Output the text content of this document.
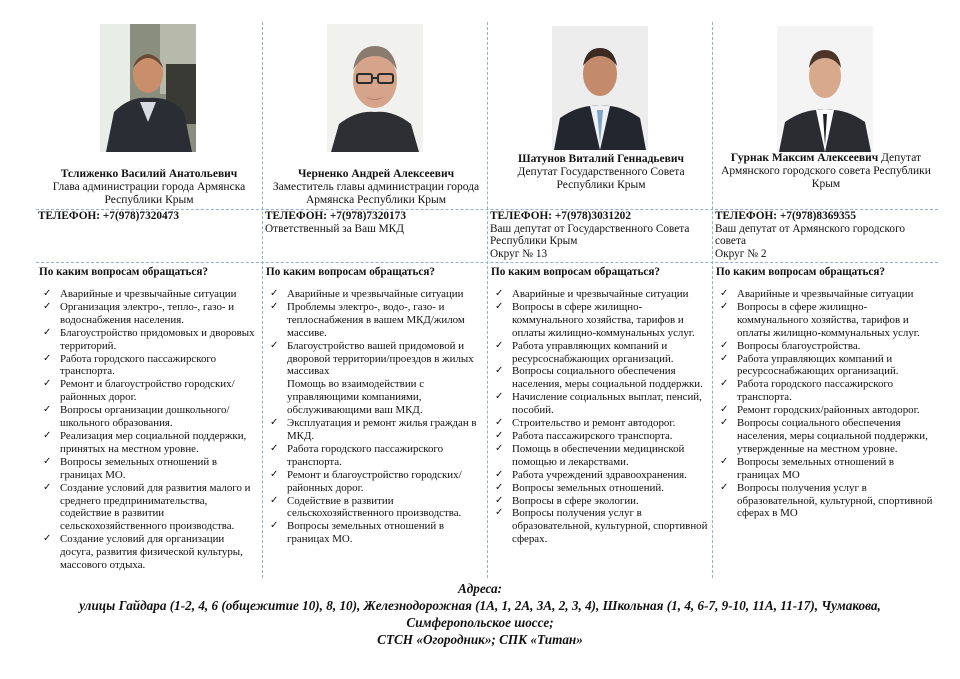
Тслиженко Василий Анатольевич
Глава администрации города Армянска Республики Крым
ТЕЛЕФОН: +7(978)7320473
По каким вопросам обращаться?
✓ Аварийные и чрезвычайные ситуации
✓ Организация электро-, тепло-, газо- и водоснабжения населения.
✓ Благоустройство придомовых и дворовых территорий.
✓ Работа городского пассажирского транспорта.
✓ Ремонт и благоустройство городских/районных дорог.
✓ Вопросы организации дошкольного/школьного образования.
✓ Реализация мер социальной поддержки, принятых на местном уровне.
✓ Вопросы земельных отношений в границах МО.
✓ Создание условий для развития малого и среднего предпринимательства, содействие в развитии сельскохозяйственного производства.
✓ Создание условий для организации досуга, развития физической культуры, массового отдыха.
Черненко Андрей Алексеевич
Заместитель главы администрации города Армянска Республики Крым
ТЕЛЕФОН: +7(978)7320173
Ответственный за Ваш МКД
По каким вопросам обращаться?
✓ Аварийные и чрезвычайные ситуации
✓ Проблемы электро-, водо-, газо- и теплоснабжения в вашем МКД/жилом массиве.
✓ Благоустройство вашей придомовой и дворовой территории/проездов в жилых массивах
Помощь во взаимодействии с управляющими компаниями, обслуживающими ваш МКД.
✓ Эксплуатация и ремонт жилья граждан в МКД.
✓ Работа городского пассажирского транспорта.
✓ Ремонт и благоустройство городских/районных дорог.
✓ Содействие в развитии сельскохозяйственного производства.
✓ Вопросы земельных отношений в границах МО.
Шатунов Виталий Геннадьевич
Депутат Государственного Совета Республики Крым
ТЕЛЕФОН: +7(978)3031202
Ваш депутат от Государственного Совета Республики Крым
Округ № 13
По каким вопросам обращаться?
✓ Аварийные и чрезвычайные ситуации
✓ Вопросы в сфере жилищно-коммунального хозяйства, тарифов и оплаты жилищно-коммунальных услуг.
✓ Работа управляющих компаний и ресурсоснабжающих организаций.
✓ Вопросы социального обеспечения населения, меры социальной поддержки.
✓ Начисление социальных выплат, пенсий, пособий.
✓ Строительство и ремонт автодорог.
✓ Работа пассажирского транспорта.
✓ Помощь в обеспечении медицинской помощью и лекарствами.
✓ Работа учреждений здравоохранения.
✓ Вопросы земельных отношений.
✓ Вопросы в сфере экологии.
✓ Вопросы получения услуг в образовательной, культурной, спортивной сферах.
Гурнак Максим Алексеевич Депутат Армянского городского совета Республики Крым
ТЕЛЕФОН: +7(978)8369355
Ваш депутат от Армянского городского совета
Округ № 2
По каким вопросам обращаться?
✓ Аварийные и чрезвычайные ситуации
✓ Вопросы в сфере жилищно-коммунального хозяйства, тарифов и оплаты жилищно-коммунальных услуг.
✓ Вопросы благоустройства.
✓ Работа управляющих компаний и ресурсоснабжающих организаций.
✓ Работа городского пассажирского транспорта.
✓ Ремонт городских/районных автодорог.
✓ Вопросы социального обеспечения населения, меры социальной поддержки, утвержденные на местном уровне.
✓ Вопросы земельных отношений в границах МО
✓ Вопросы получения услуг в образовательной, культурной, спортивной сферах в МО
Адреса:
улицы Гайдара (1-2, 4, 6 (общежитие 10), 8, 10), Железнодорожная (1А, 1, 2А, 3А, 2, 3, 4), Школьная (1, 4, 6-7, 9-10, 11А, 11-17), Чумакова,
Симферопольское шоссе;
СТСН «Огородник»; СПК «Титан»
